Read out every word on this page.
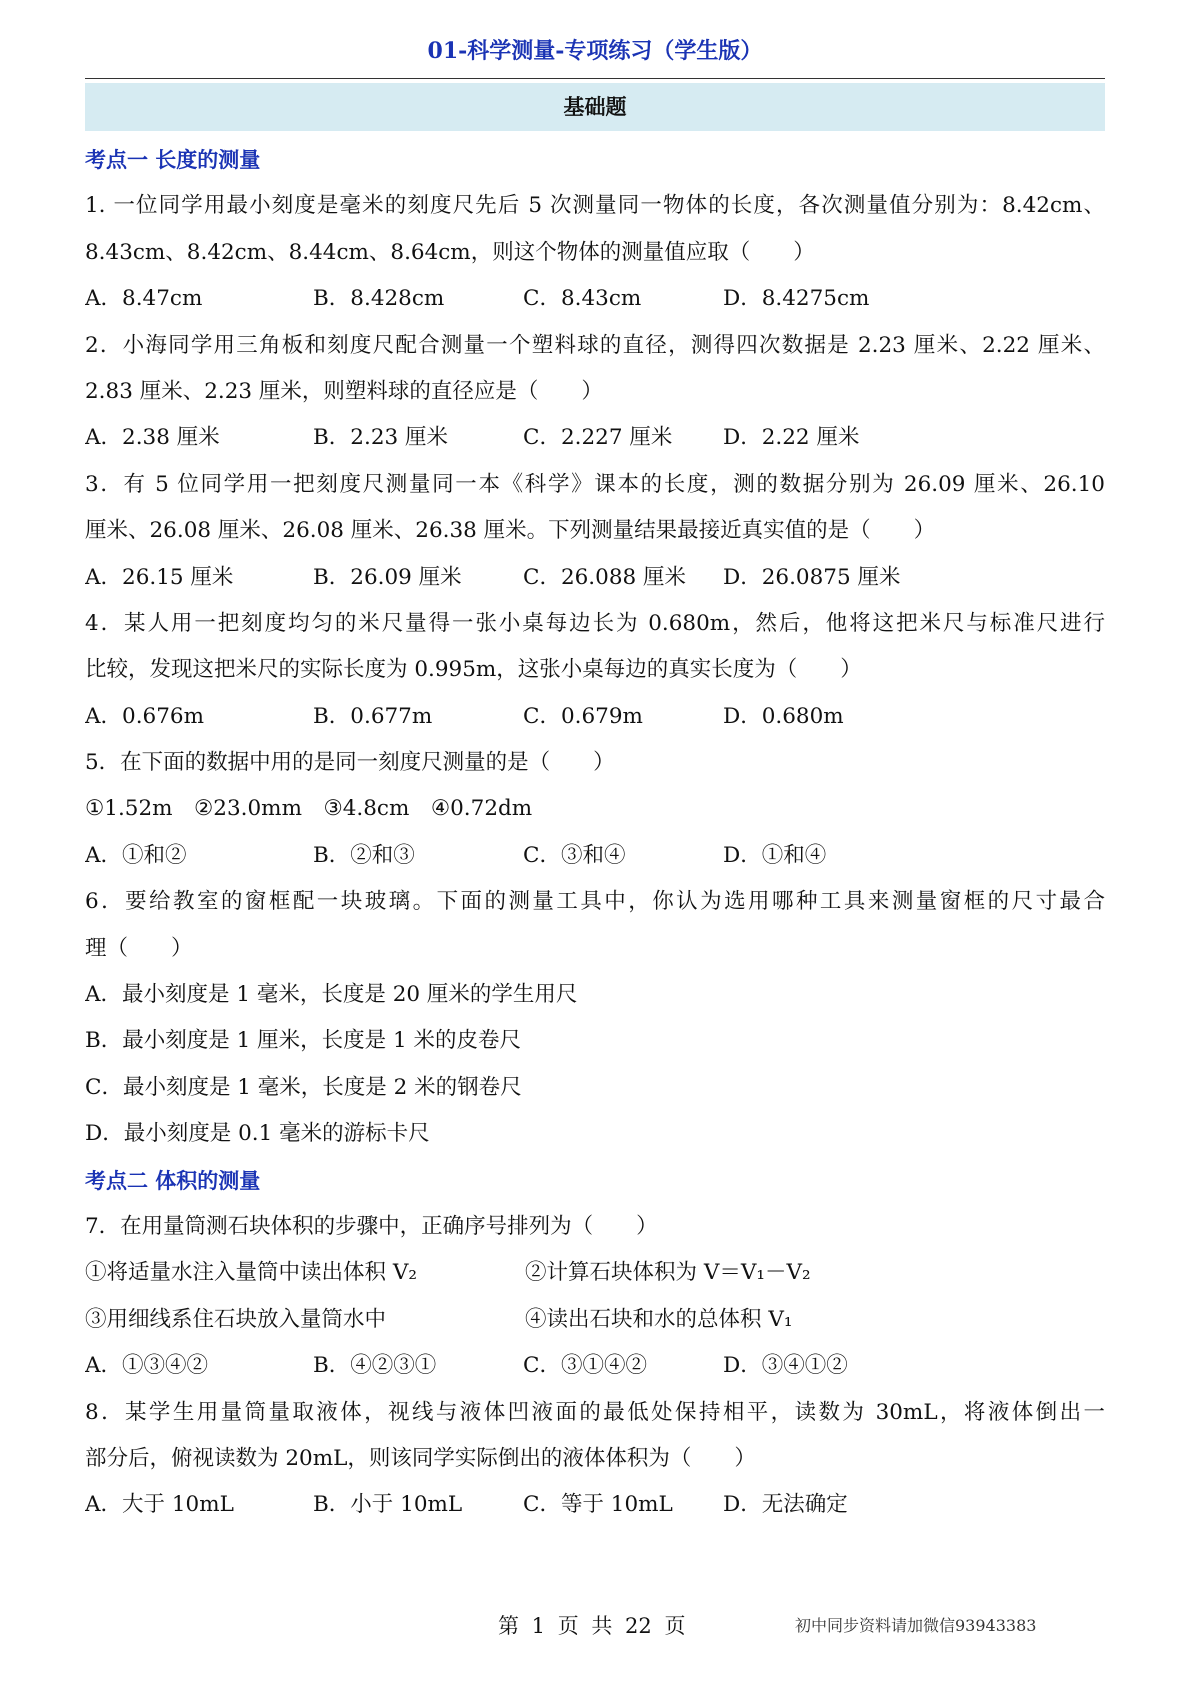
01-科学测量-专项练习（学生版）
基础题
考点一 长度的测量
1. 一位同学用最小刻度是毫米的刻度尺先后 5 次测量同一物体的长度，各次测量值分别为：8.42cm、
8.43cm、8.42cm、8.44cm、8.64cm，则这个物体的测量值应取（　　）
A．8.47cm	B．8.428cm	C．8.43cm	D．8.4275cm
2．小海同学用三角板和刻度尺配合测量一个塑料球的直径，测得四次数据是 2.23 厘米、2.22 厘米、
2.83 厘米、2.23 厘米，则塑料球的直径应是（　　）
A．2.38 厘米	B．2.23 厘米	C．2.227 厘米	D．2.22 厘米
3．有 5 位同学用一把刻度尺测量同一本《科学》课本的长度，测的数据分别为 26.09 厘米、26.10
厘米、26.08 厘米、26.08 厘米、26.38 厘米。下列测量结果最接近真实值的是（　　）
A．26.15 厘米	B．26.09 厘米	C．26.088 厘米	D．26.0875 厘米
4．某人用一把刻度均匀的米尺量得一张小桌每边长为 0.680m，然后，他将这把米尺与标准尺进行
比较，发现这把米尺的实际长度为 0.995m，这张小桌每边的真实长度为（　　）
A．0.676m	B．0.677m	C．0.679m	D．0.680m
5．在下面的数据中用的是同一刻度尺测量的是（　　）
①1.52m　②23.0mm　③4.8cm　④0.72dm
A．①和②	B．②和③	C．③和④	D．①和④
6．要给教室的窗框配一块玻璃。下面的测量工具中，你认为选用哪种工具来测量窗框的尺寸最合
理（　　）
A．最小刻度是 1 毫米，长度是 20 厘米的学生用尺
B．最小刻度是 1 厘米，长度是 1 米的皮卷尺
C．最小刻度是 1 毫米，长度是 2 米的钢卷尺
D．最小刻度是 0.1 毫米的游标卡尺
考点二 体积的测量
7．在用量筒测石块体积的步骤中，正确序号排列为（　　）
①将适量水注入量筒中读出体积 V₂	②计算石块体积为 V＝V₁－V₂
③用细线系住石块放入量筒水中	④读出石块和水的总体积 V₁
A．①③④②	B．④②③①	C．③①④②	D．③④①②
8．某学生用量筒量取液体，视线与液体凹液面的最低处保持相平，读数为 30mL，将液体倒出一
部分后，俯视读数为 20mL，则该同学实际倒出的液体体积为（　　）
A．大于 10mL	B．小于 10mL	C．等于 10mL	D．无法确定
第 1 页 共 22 页	初中同步资料请加微信93943383
